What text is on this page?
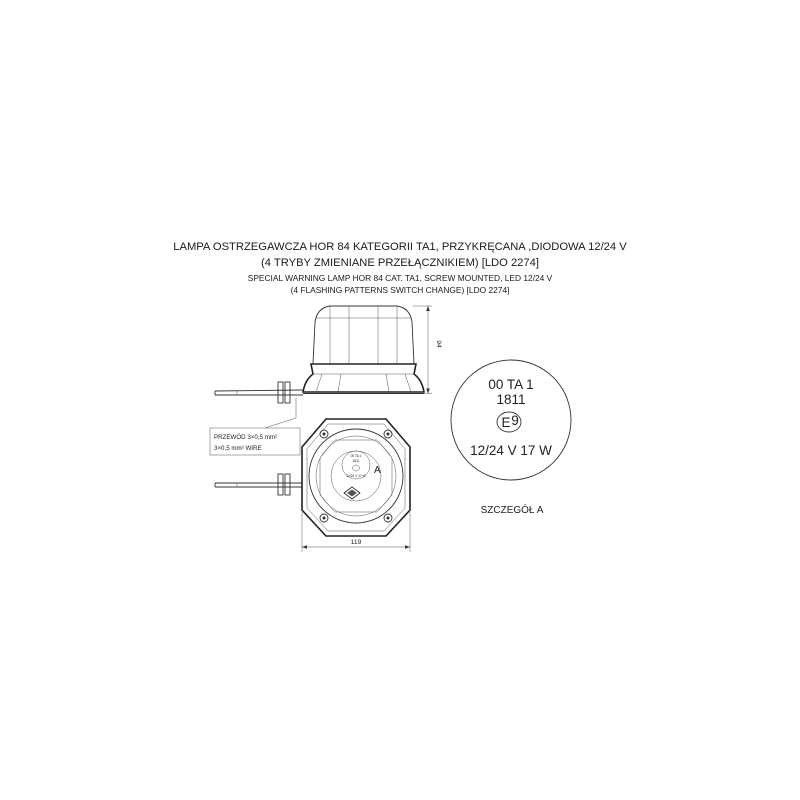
LAMPA OSTRZEGAWCZA HOR 84 KATEGORII TA1, PRZYKRĘCANA ,DIODOWA 12/24 V
(4 TRYBY ZMIENIANE PRZEŁĄCZNIKIEM) [LDO 2274]
SPECIAL WARNING LAMP HOR 84 CAT. TA1, SCREW MOUNTED, LED 12/24 V
(4 FLASHING PATTERNS SWITCH CHANGE) [LDO 2274]
94
PRZEWÓD 3×0,5 mm²
3×0,5 mm² WIRE
00 TA 1
1811
12/24 V 17 W A
119
00 TA 1
1811
E 9
12/24 V 17 W
SZCZEGÓŁ A
